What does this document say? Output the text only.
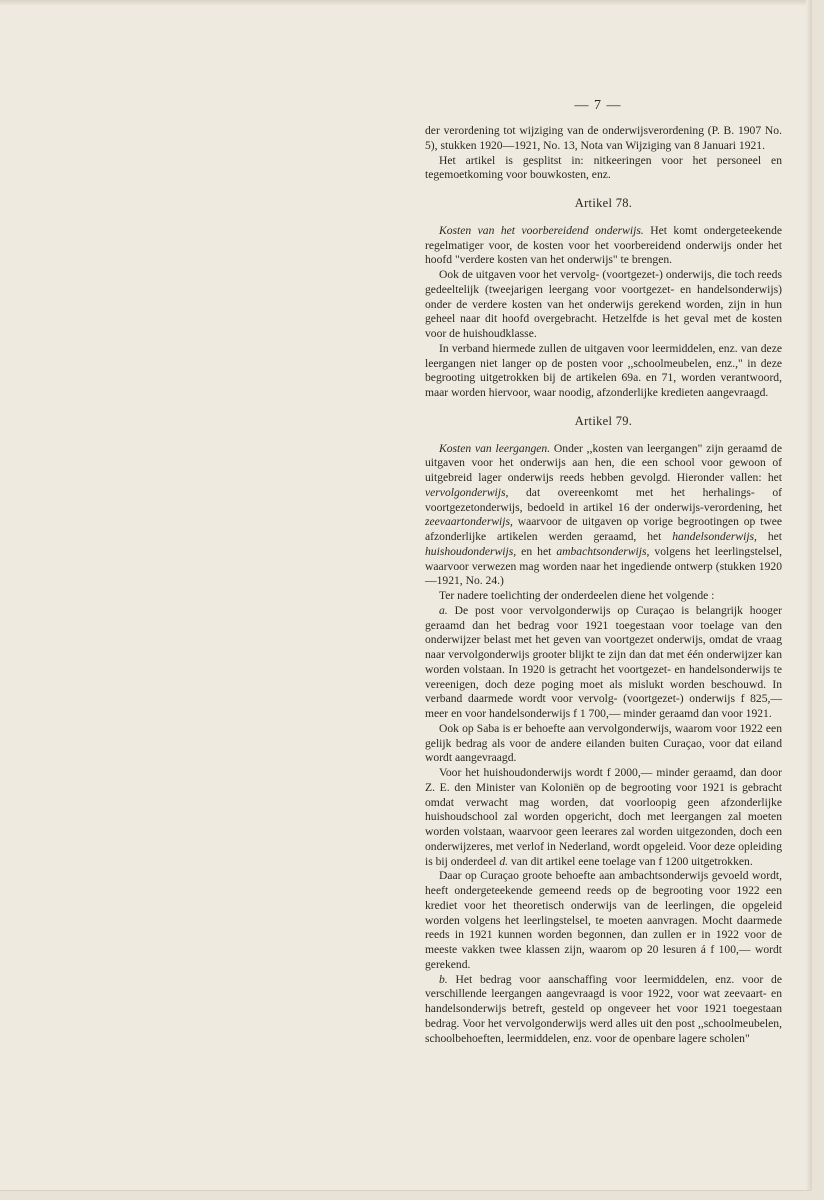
— 7 —

der verordening tot wijziging van de onderwijsverordening (P. B. 1907 No. 5), stukken 1920—1921, No. 13, Nota van Wijziging van 8 Januari 1921.

Het artikel is gesplitst in: nitkeeringen voor het personeel en tegemoetkoming voor bouwkosten, enz.

Artikel 78.

Kosten van het voorbereidend onderwijs. Het komt ondergeteekende regelmatiger voor, de kosten voor het voorbereidend onderwijs onder het hoofd "verdere kosten van het onderwijs" te brengen.

Ook de uitgaven voor het vervolg- (voortgezet-) onderwijs, die toch reeds gedeeltelijk (tweejarigen leergang voor voortgezet- en handelsonderwijs) onder de verdere kosten van het onderwijs gerekend worden, zijn in hun geheel naar dit hoofd overgebracht. Hetzelfde is het geval met de kosten voor de huishoudklasse.

In verband hiermede zullen de uitgaven voor leermiddelen, enz. van deze leergangen niet langer op de posten voor ,,schoolmeubelen, enz.," in deze begrooting uitgetrokken bij de artikelen 69a. en 71, worden verantwoord, maar worden hiervoor, waar noodig, afzonderlijke kredieten aangevraagd.

Artikel 79.

Kosten van leergangen. Onder ,,kosten van leergangen" zijn geraamd de uitgaven voor het onderwijs aan hen, die een school voor gewoon of uitgebreid lager onderwijs reeds hebben gevolgd. Hieronder vallen: het vervolgonderwijs, dat overeenkomt met het herhalings- of voortgezetonderwijs, bedoeld in artikel 16 der onderwijs-verordening, het zeevaartonderwijs, waarvoor de uitgaven op vorige begrootingen op twee afzonderlijke artikelen werden geraamd, het handelsonderwijs, het huishoudonderwijs, en het ambachtsonderwijs, volgens het leerlingstelsel, waarvoor verwezen mag worden naar het ingediende ontwerp (stukken 1920—1921, No. 24.)

Ter nadere toelichting der onderdeelen diene het volgende :

a. De post voor vervolgonderwijs op Curaçao is belangrijk hooger geraamd dan het bedrag voor 1921 toegestaan voor toelage van den onderwijzer belast met het geven van voortgezet onderwijs, omdat de vraag naar vervolgonderwijs grooter blijkt te zijn dan dat met één onderwijzer kan worden volstaan. In 1920 is getracht het voortgezet- en handelsonderwijs te vereenigen, doch deze poging moet als mislukt worden beschouwd. In verband daarmede wordt voor vervolg- (voortgezet-) onderwijs f 825,— meer en voor handelsonderwijs f 1 700,— minder geraamd dan voor 1921.

Ook op Saba is er behoefte aan vervolgonderwijs, waarom voor 1922 een gelijk bedrag als voor de andere eilanden buiten Curaçao, voor dat eiland wordt aangevraagd.

Voor het huishoudonderwijs wordt f 2000,— minder geraamd, dan door Z. E. den Minister van Koloniën op de begrooting voor 1921 is gebracht omdat verwacht mag worden, dat voorloopig geen afzonderlijke huishoudschool zal worden opgericht, doch met leergangen zal moeten worden volstaan, waarvoor geen leerares zal worden uitgezonden, doch een onderwijzeres, met verlof in Nederland, wordt opgeleid. Voor deze opleiding is bij onderdeel d. van dit artikel eene toelage van f 1200 uitgetrokken.

Daar op Curaçao groote behoefte aan ambachtsonderwijs gevoeld wordt, heeft ondergeteekende gemeend reeds op de begrooting voor 1922 een krediet voor het theoretisch onderwijs van de leerlingen, die opgeleid worden volgens het leerlingstelsel, te moeten aanvragen. Mocht daarmede reeds in 1921 kunnen worden begonnen, dan zullen er in 1922 voor de meeste vakken twee klassen zijn, waarom op 20 lesuren á f 100,— wordt gerekend.

b. Het bedrag voor aanschaffing voor leermiddelen, enz. voor de verschillende leergangen aangevraagd is voor 1922, voor wat zeevaart- en handelsonderwijs betreft, gesteld op ongeveer het voor 1921 toegestaan bedrag. Voor het vervolgonderwijs werd alles uit den post ,,schoolmeubelen, schoolbehoeften, leermiddelen, enz. voor de openbare lagere scholen"
